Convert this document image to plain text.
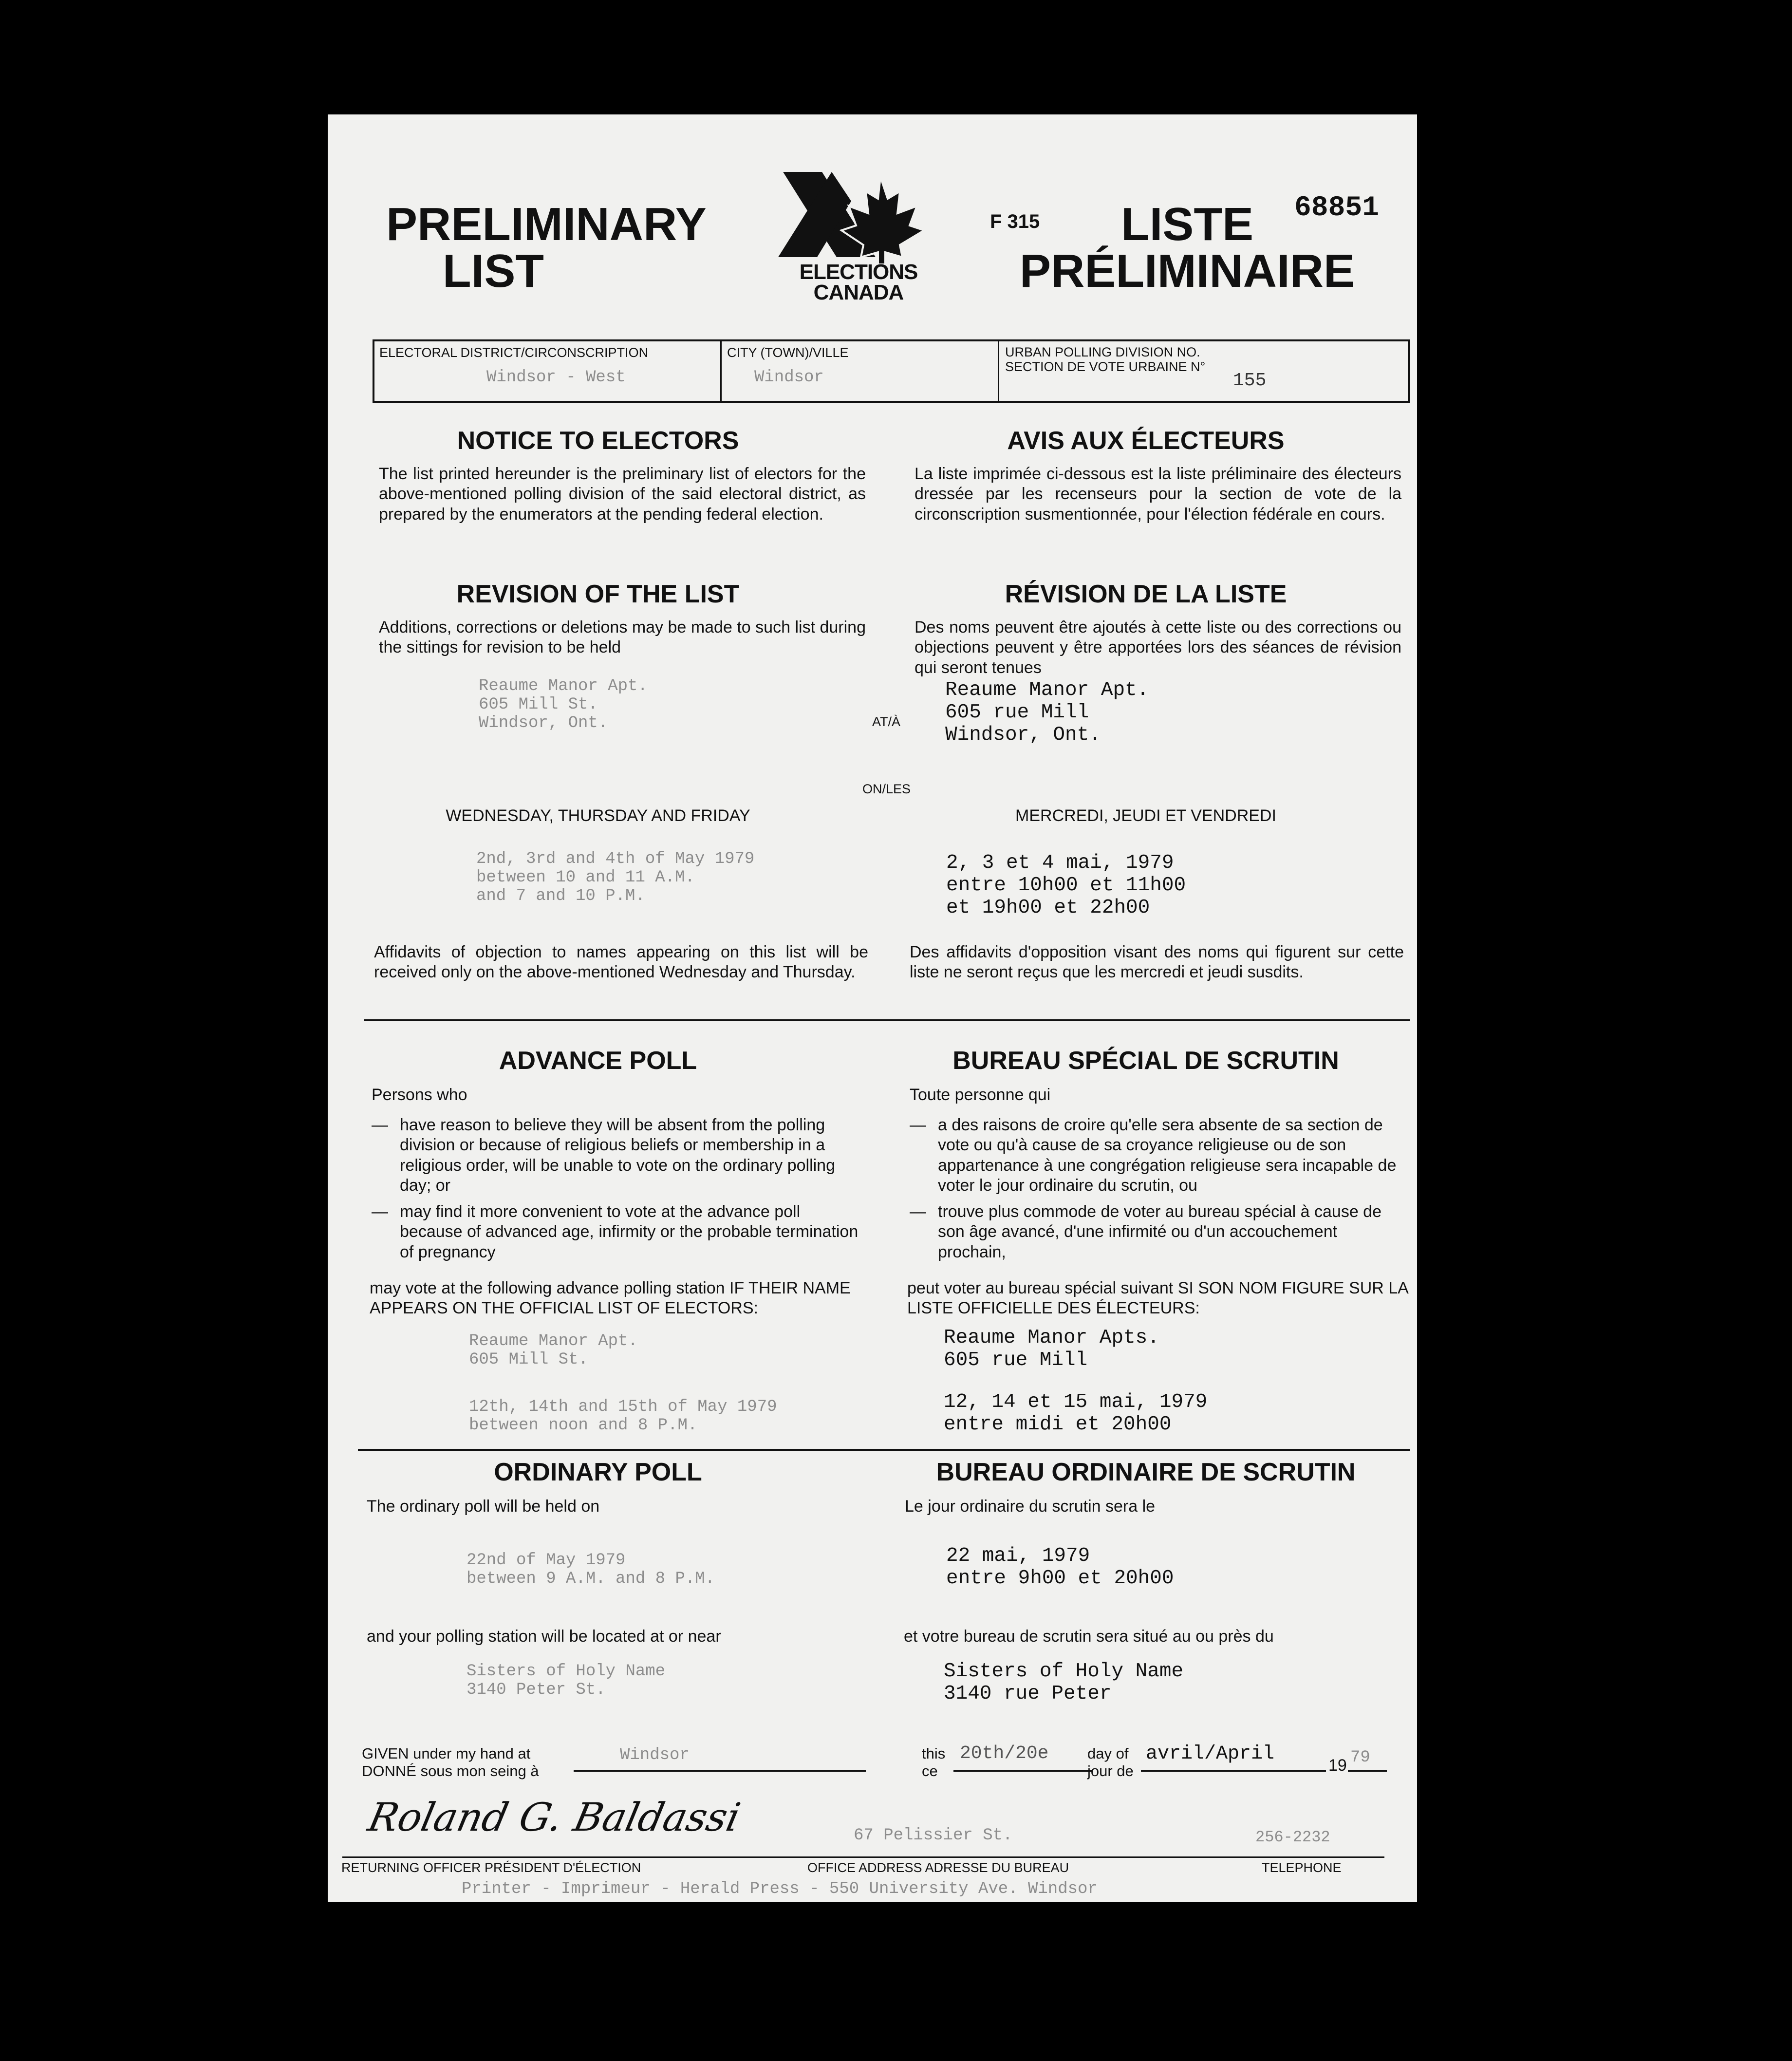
PRELIMINARY
LIST	ELECTIONS
CANADA
F 315	LISTE
PRÉLIMINAIRE
68851
ELECTORAL DISTRICT/CIRCONSCRIPTION
Windsor - West
CITY (TOWN)/VILLE
Windsor
URBAN POLLING DIVISION NO.
SECTION DE VOTE URBAINE N°
155
NOTICE TO ELECTORS	AVIS AUX ÉLECTEURS
The list printed hereunder is the preliminary list of electors for the above-mentioned polling division of the said electoral district, as prepared by the enumerators at the pending federal election.
La liste imprimée ci-dessous est la liste préliminaire des électeurs dressée par les recenseurs pour la section de vote de la circonscription susmentionnée, pour l'élection fédérale en cours.
REVISION OF THE LIST	RÉVISION DE LA LISTE
Additions, corrections or deletions may be made to such list during the sittings for revision to be held
Des noms peuvent être ajoutés à cette liste ou des corrections ou objections peuvent y être apportées lors des séances de révision qui seront tenues
Reaume Manor Apt.
605 Mill St.
Windsor, Ont.	AT/À
Reaume Manor Apt.
605 rue Mill
Windsor, Ont.
ON/LES
WEDNESDAY, THURSDAY AND FRIDAY	MERCREDI, JEUDI ET VENDREDI
2nd, 3rd and 4th of May 1979
between 10 and 11 A.M.
and 7 and 10 P.M.
2, 3 et 4 mai, 1979
entre 10h00 et 11h00
et 19h00 et 22h00
Affidavits of objection to names appearing on this list will be received only on the above-mentioned Wednesday and Thursday.
Des affidavits d'opposition visant des noms qui figurent sur cette liste ne seront reçus que les mercredi et jeudi susdits.
ADVANCE POLL	BUREAU SPÉCIAL DE SCRUTIN
Persons who	Toute personne qui
— have reason to believe they will be absent from the polling division or because of religious beliefs or membership in a religious order, will be unable to vote on the ordinary polling day; or
— may find it more convenient to vote at the advance poll because of advanced age, infirmity or the probable termination of pregnancy
— a des raisons de croire qu'elle sera absente de sa section de vote ou qu'à cause de sa croyance religieuse ou de son appartenance à une congrégation religieuse sera incapable de voter le jour ordinaire du scrutin, ou
— trouve plus commode de voter au bureau spécial à cause de son âge avancé, d'une infirmité ou d'un accouchement prochain,
may vote at the following advance polling station IF THEIR NAME APPEARS ON THE OFFICIAL LIST OF ELECTORS:
peut voter au bureau spécial suivant SI SON NOM FIGURE SUR LA LISTE OFFICIELLE DES ÉLECTEURS:
Reaume Manor Apt.
605 Mill St.
12th, 14th and 15th of May 1979
between noon and 8 P.M.
Reaume Manor Apts.
605 rue Mill
12, 14 et 15 mai, 1979
entre midi et 20h00
ORDINARY POLL	BUREAU ORDINAIRE DE SCRUTIN
The ordinary poll will be held on	Le jour ordinaire du scrutin sera le
22nd of May 1979
between 9 A.M. and 8 P.M.
22 mai, 1979
entre 9h00 et 20h00
and your polling station will be located at or near	et votre bureau de scrutin sera situé au ou près du
Sisters of Holy Name
3140 Peter St.
Sisters of Holy Name
3140 rue Peter
GIVEN under my hand at
DONNÉ sous mon seing à
Windsor	this
ce
20th/20e	day of
jour de
avril/April
19 79
Roland G. Baldassi	67 Pelissier St.	256-2232
RETURNING OFFICER PRÉSIDENT D'ÉLECTION	OFFICE ADDRESS ADRESSE DU BUREAU	TELEPHONE
Printer - Imprimeur - Herald Press - 550 University Ave. Windsor
